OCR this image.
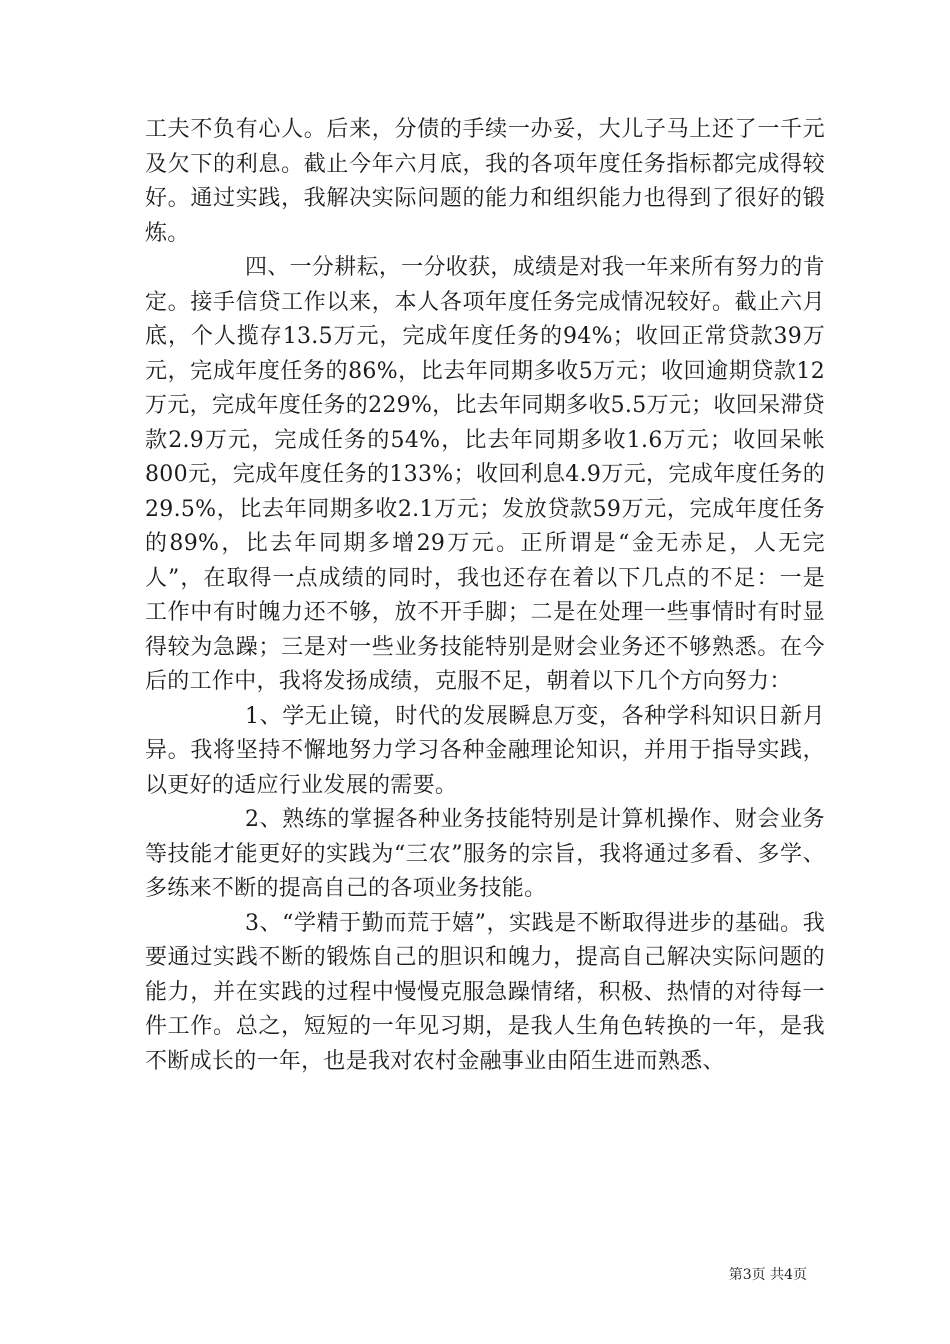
工夫不负有心人。后来，分债的手续一办妥，大儿子马上还了一千元及欠下的利息。截止今年六月底，我的各项年度任务指标都完成得较好。通过实践，我解决实际问题的能力和组织能力也得到了很好的锻炼。

四、一分耕耘，一分收获，成绩是对我一年来所有努力的肯定。接手信贷工作以来，本人各项年度任务完成情况较好。截止六月底，个人揽存13.5万元，完成年度任务的94%；收回正常贷款39万元，完成年度任务的86%，比去年同期多收5万元；收回逾期贷款12万元，完成年度任务的229%，比去年同期多收5.5万元；收回呆滞贷款2.9万元，完成任务的54%，比去年同期多收1.6万元；收回呆帐800元，完成年度任务的133%；收回利息4.9万元，完成年度任务的29.5%，比去年同期多收2.1万元；发放贷款59万元，完成年度任务的89%，比去年同期多增29万元。正所谓是“金无赤足，人无完人”，在取得一点成绩的同时，我也还存在着以下几点的不足：一是工作中有时魄力还不够，放不开手脚；二是在处理一些事情时有时显得较为急躁；三是对一些业务技能特别是财会业务还不够熟悉。在今后的工作中，我将发扬成绩，克服不足，朝着以下几个方向努力：

1、学无止镜，时代的发展瞬息万变，各种学科知识日新月异。我将坚持不懈地努力学习各种金融理论知识，并用于指导实践，以更好的适应行业发展的需要。

2、熟练的掌握各种业务技能特别是计算机操作、财会业务等技能才能更好的实践为“三农”服务的宗旨，我将通过多看、多学、多练来不断的提高自己的各项业务技能。

3、“学精于勤而荒于嬉”，实践是不断取得进步的基础。我要通过实践不断的锻炼自己的胆识和魄力，提高自己解决实际问题的能力，并在实践的过程中慢慢克服急躁情绪，积极、热情的对待每一件工作。总之，短短的一年见习期，是我人生角色转换的一年，是我不断成长的一年，也是我对农村金融事业由陌生进而熟悉、

第3页 共4页
